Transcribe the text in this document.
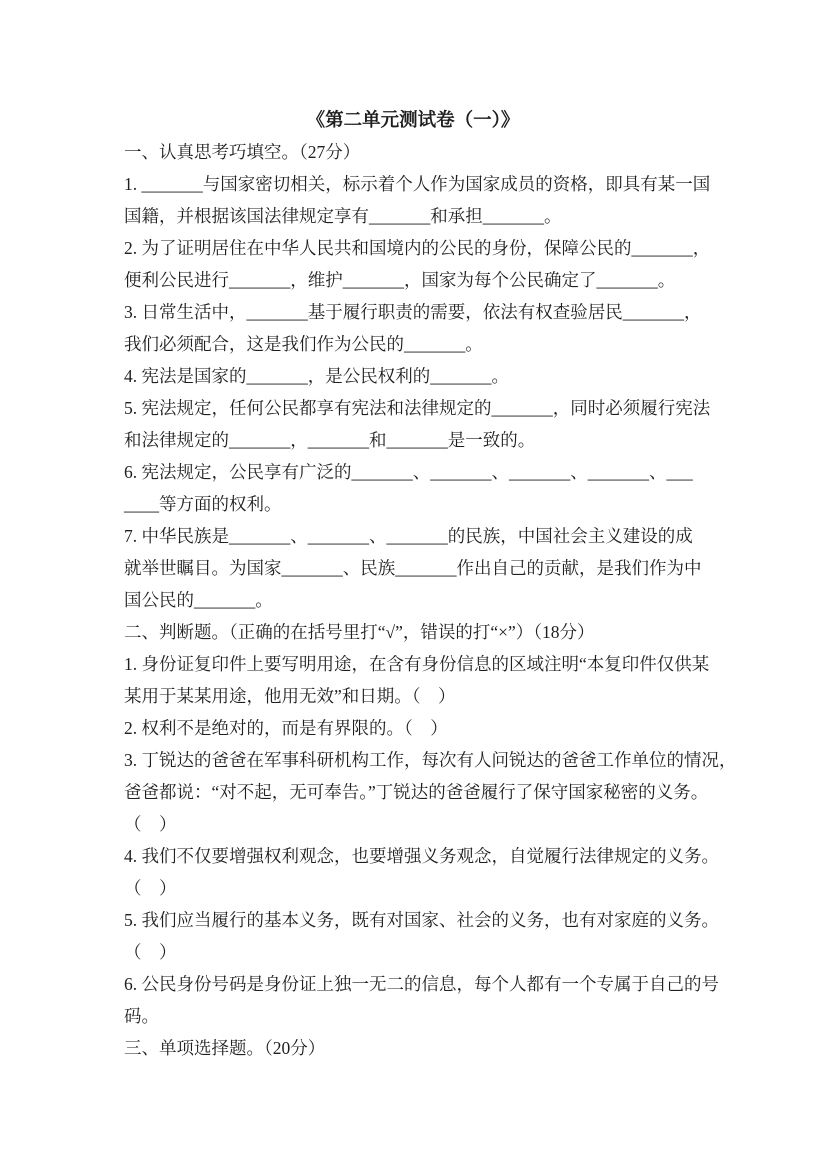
《第二单元测试卷（一）》
一、认真思考巧填空。（27分）
1. _______与国家密切相关，标示着个人作为国家成员的资格，即具有某一国
国籍，并根据该国法律规定享有_______和承担_______。
2. 为了证明居住在中华人民共和国境内的公民的身份，保障公民的_______，
便利公民进行_______，维护_______，国家为每个公民确定了_______。
3. 日常生活中，_______基于履行职责的需要，依法有权查验居民_______，
我们必须配合，这是我们作为公民的_______。
4. 宪法是国家的_______，是公民权利的_______。
5. 宪法规定，任何公民都享有宪法和法律规定的_______，同时必须履行宪法
和法律规定的_______，_______和_______是一致的。
6. 宪法规定，公民享有广泛的_______、_______、_______、_______、___
____等方面的权利。
7. 中华民族是_______、_______、_______的民族，中国社会主义建设的成
就举世瞩目。为国家_______、民族_______作出自己的贡献，是我们作为中
国公民的_______。
二、判断题。（正确的在括号里打“√”，错误的打“×”）（18分）
1. 身份证复印件上要写明用途，在含有身份信息的区域注明“本复印件仅供某
某用于某某用途，他用无效”和日期。（　）
2. 权利不是绝对的，而是有界限的。（　）
3. 丁锐达的爸爸在军事科研机构工作，每次有人问锐达的爸爸工作单位的情况，
爸爸都说：“对不起，无可奉告。”丁锐达的爸爸履行了保守国家秘密的义务。
（　）
4. 我们不仅要增强权利观念，也要增强义务观念，自觉履行法律规定的义务。
（　）
5. 我们应当履行的基本义务，既有对国家、社会的义务，也有对家庭的义务。
（　）
6. 公民身份号码是身份证上独一无二的信息，每个人都有一个专属于自己的号
码。
三、单项选择题。（20分）
